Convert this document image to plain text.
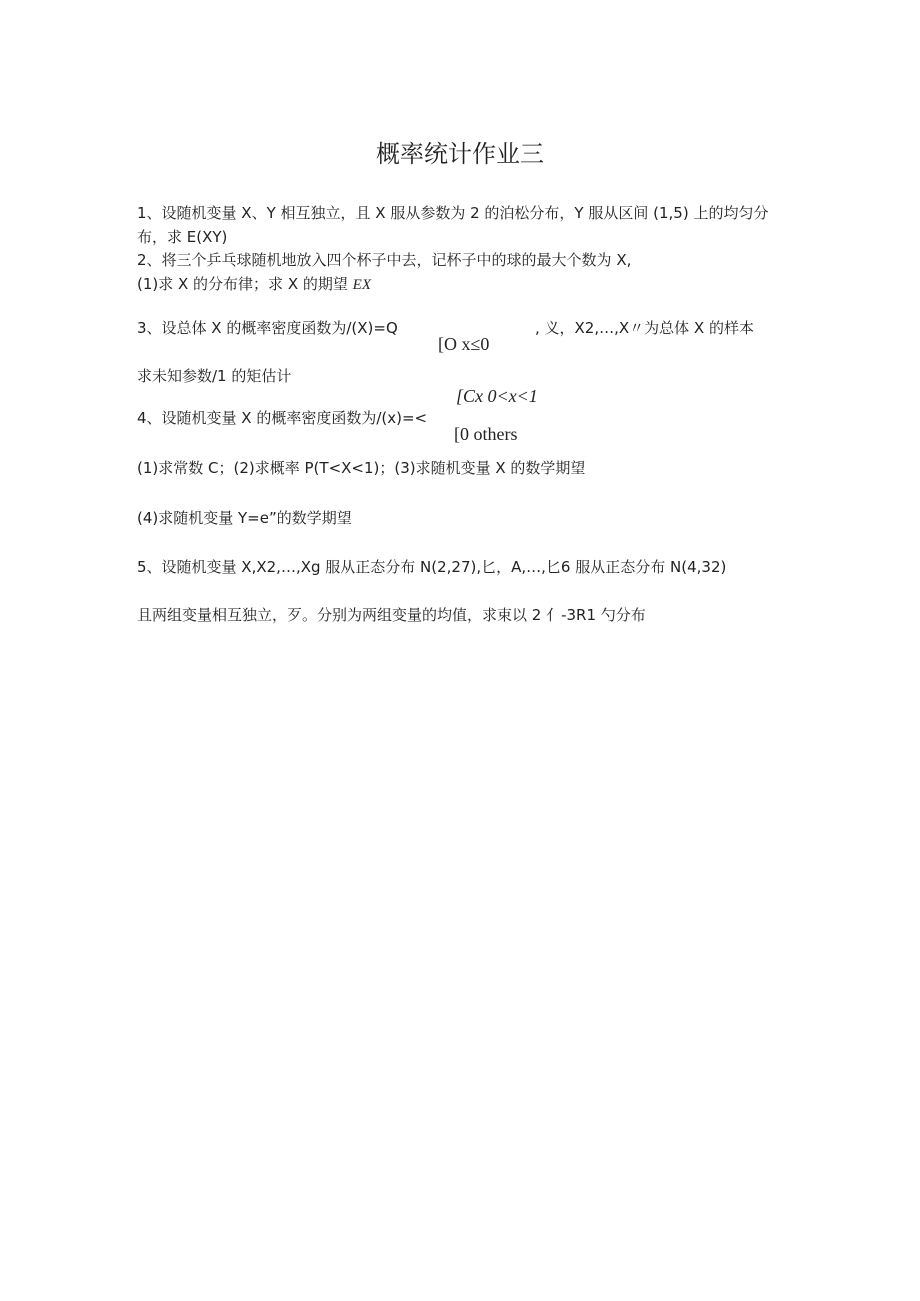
概率统计作业三
1、设随机变量 X、Y 相互独立，且 X 服从参数为 2 的泊松分布，Y 服从区间 (1,5) 上的均匀分
布，求 E(XY)
2、将三个乒乓球随机地放入四个杯子中去，记杯子中的球的最大个数为 X,
(1)求 X 的分布律；求 X 的期望 EX
3、设总体 X 的概率密度函数为/(X)=Q	, 义，X2,…,X〃为总体 X 的样本
[O x≤0
求未知参数/1 的矩估计
[Cx 0<x<1
4、设随机变量 X 的概率密度函数为/(x)=<
[0 others
(1)求常数 C；(2)求概率 P(T<X<1)；(3)求随机变量 X 的数学期望
(4)求随机变量 Y=e”的数学期望
5、设随机变量 X,X2,…,Xg 服从正态分布 N(2,27),匕，A,…,匕6 服从正态分布 N(4,32)
且两组变量相互独立，歹。分别为两组变量的均值，求束以 2 亻-3R1 勺分布
